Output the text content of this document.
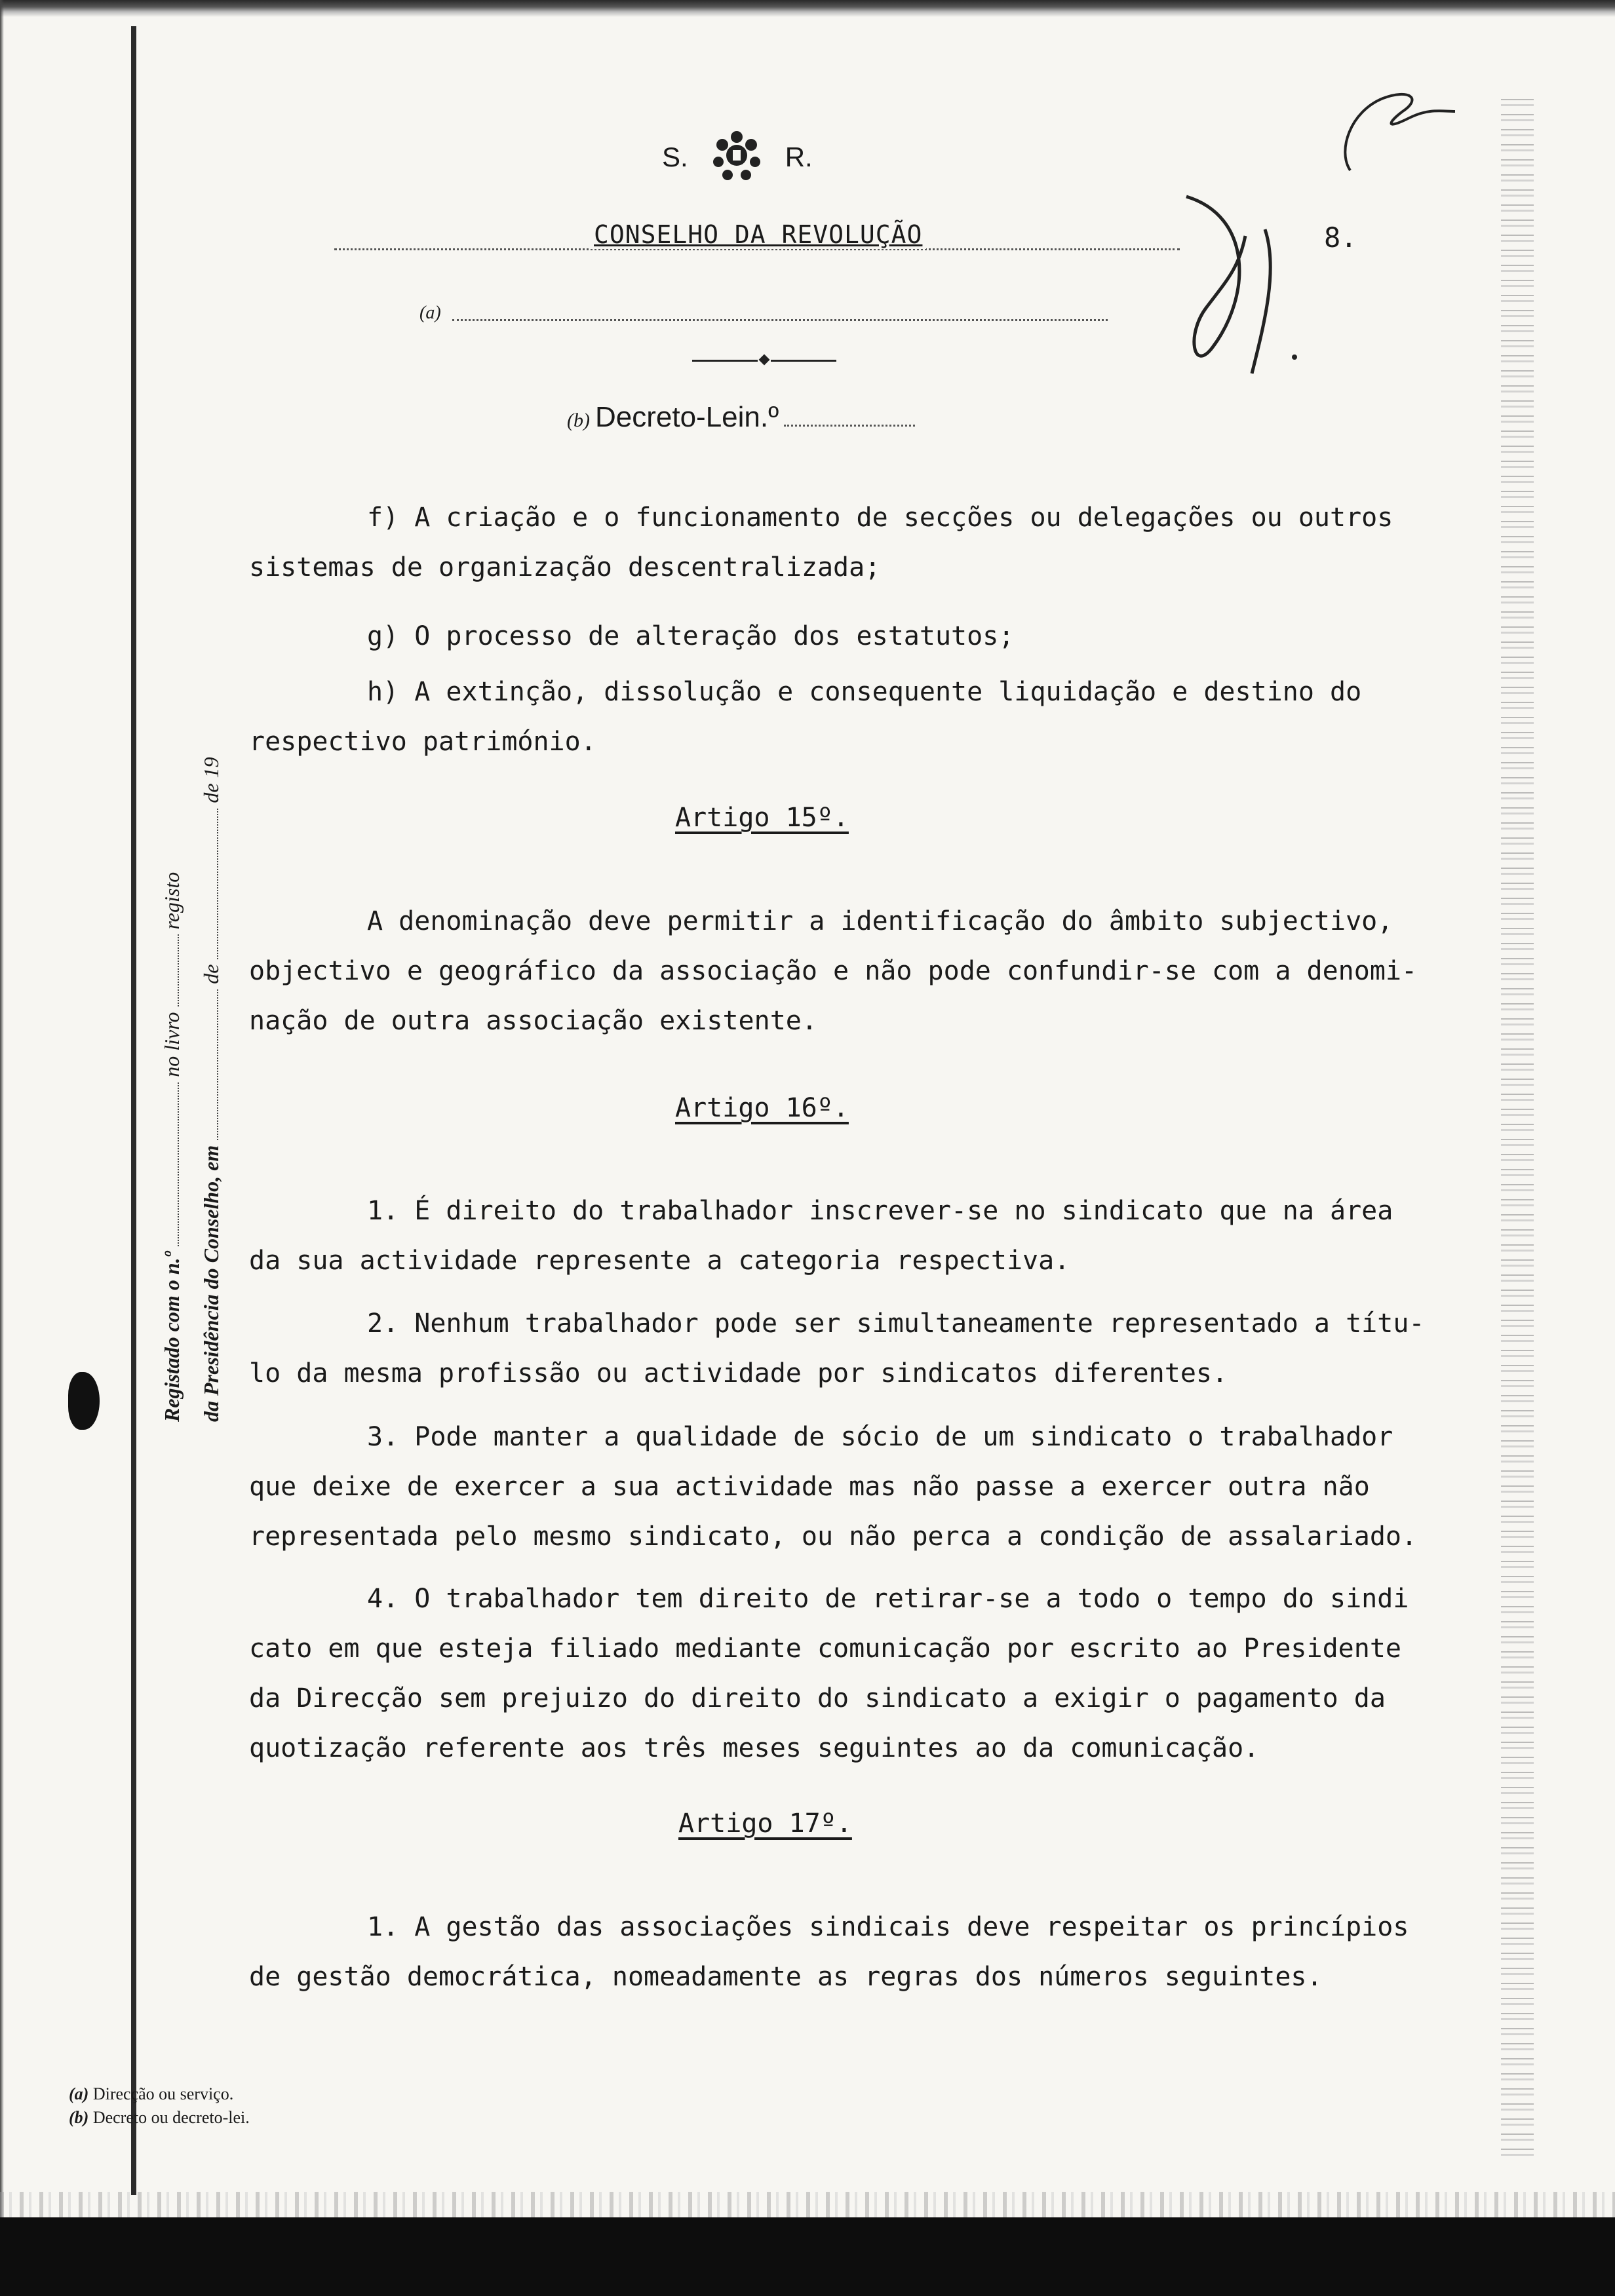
S.	R.
CONSELHO DA REVOLUÇÃO	8.
(a)
(b) Decreto-Lein.º
f) A criação e o funcionamento de secções ou delegações ou outros
sistemas de organização descentralizada;
g) O processo de alteração dos estatutos;
h) A extinção, dissolução e consequente liquidação e destino do
respectivo património.
Artigo 15º.
A denominação deve permitir a identificação do âmbito subjectivo,
objectivo e geográfico da associação e não pode confundir-se com a denomi-
nação de outra associação existente.
Artigo 16º.
1. É direito do trabalhador inscrever-se no sindicato que na área
da sua actividade represente a categoria respectiva.
2. Nenhum trabalhador pode ser simultaneamente representado a títu-
lo da mesma profissão ou actividade por sindicatos diferentes.
3. Pode manter a qualidade de sócio de um sindicato o trabalhador
que deixe de exercer a sua actividade mas não passe a exercer outra não
representada pelo mesmo sindicato, ou não perca a condição de assalariado.
4. O trabalhador tem direito de retirar-se a todo o tempo do sindi
cato em que esteja filiado mediante comunicação por escrito ao Presidente
da Direcção sem prejuizo do direito do sindicato a exigir o pagamento da
quotização referente aos três meses seguintes ao da comunicação.
Artigo 17º.
1. A gestão das associações sindicais deve respeitar os princípios
de gestão democrática, nomeadamente as regras dos números seguintes.
Registado com o n.º  no livro  registo
da Presidência do Conselho, em  de  de 19
(a) Direcção ou serviço.
(b) Decreto ou decreto-lei.
